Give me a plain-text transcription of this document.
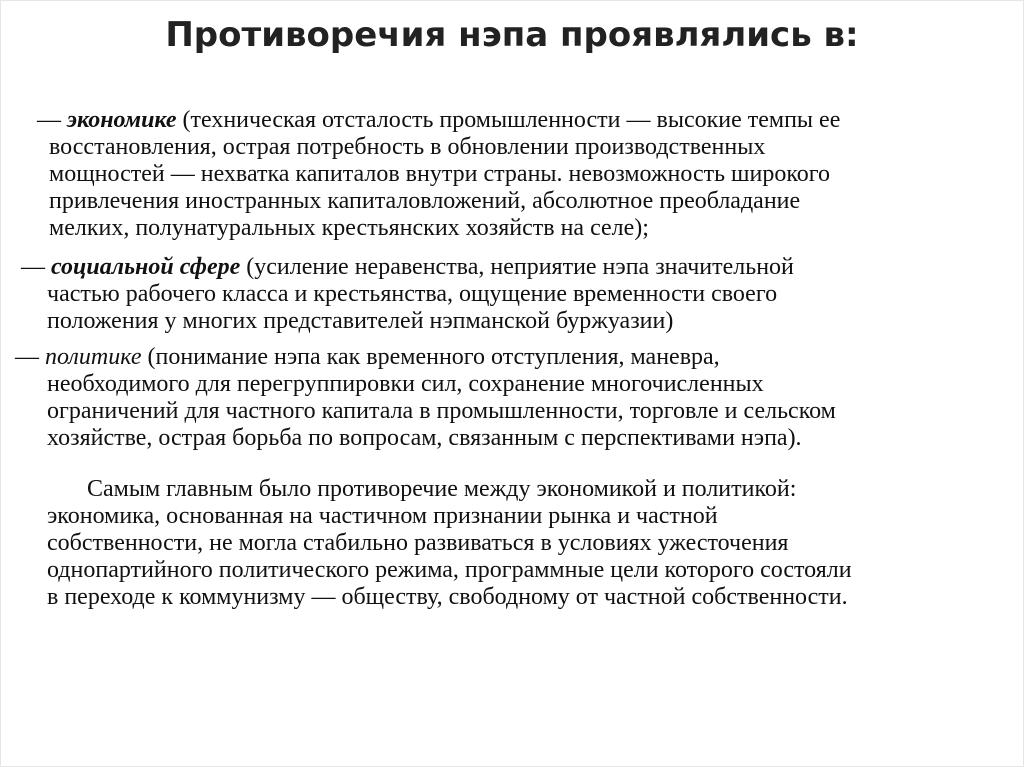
Противоречия нэпа проявлялись в:
— экономике (техническая отсталость промышленности — высокие темпы ее
восстановления, острая потребность в обновлении производственных
мощностей — нехватка капиталов внутри страны. невозможность широкого
привлечения иностранных капиталовложений, абсолютное преобладание
мелких, полунатуральных крестьянских хозяйств на селе);
— социальной сфере (усиление неравенства, неприятие нэпа значительной
частью рабочего класса и крестьянства, ощущение временности своего
положения у многих представителей нэпманской буржуазии)
— политике (понимание нэпа как временного отступления, маневра,
необходимого для перегруппировки сил, сохранение многочисленных
ограничений для частного капитала в промышленности, торговле и сельском
хозяйстве, острая борьба по вопросам, связанным с перспективами нэпа).
Самым главным было противоречие между экономикой и политикой:
экономика, основанная на частичном признании рынка и частной
собственности, не могла стабильно развиваться в условиях ужесточения
однопартийного политического режима, программные цели которого состояли
в переходе к коммунизму — обществу, свободному от частной собственности.
